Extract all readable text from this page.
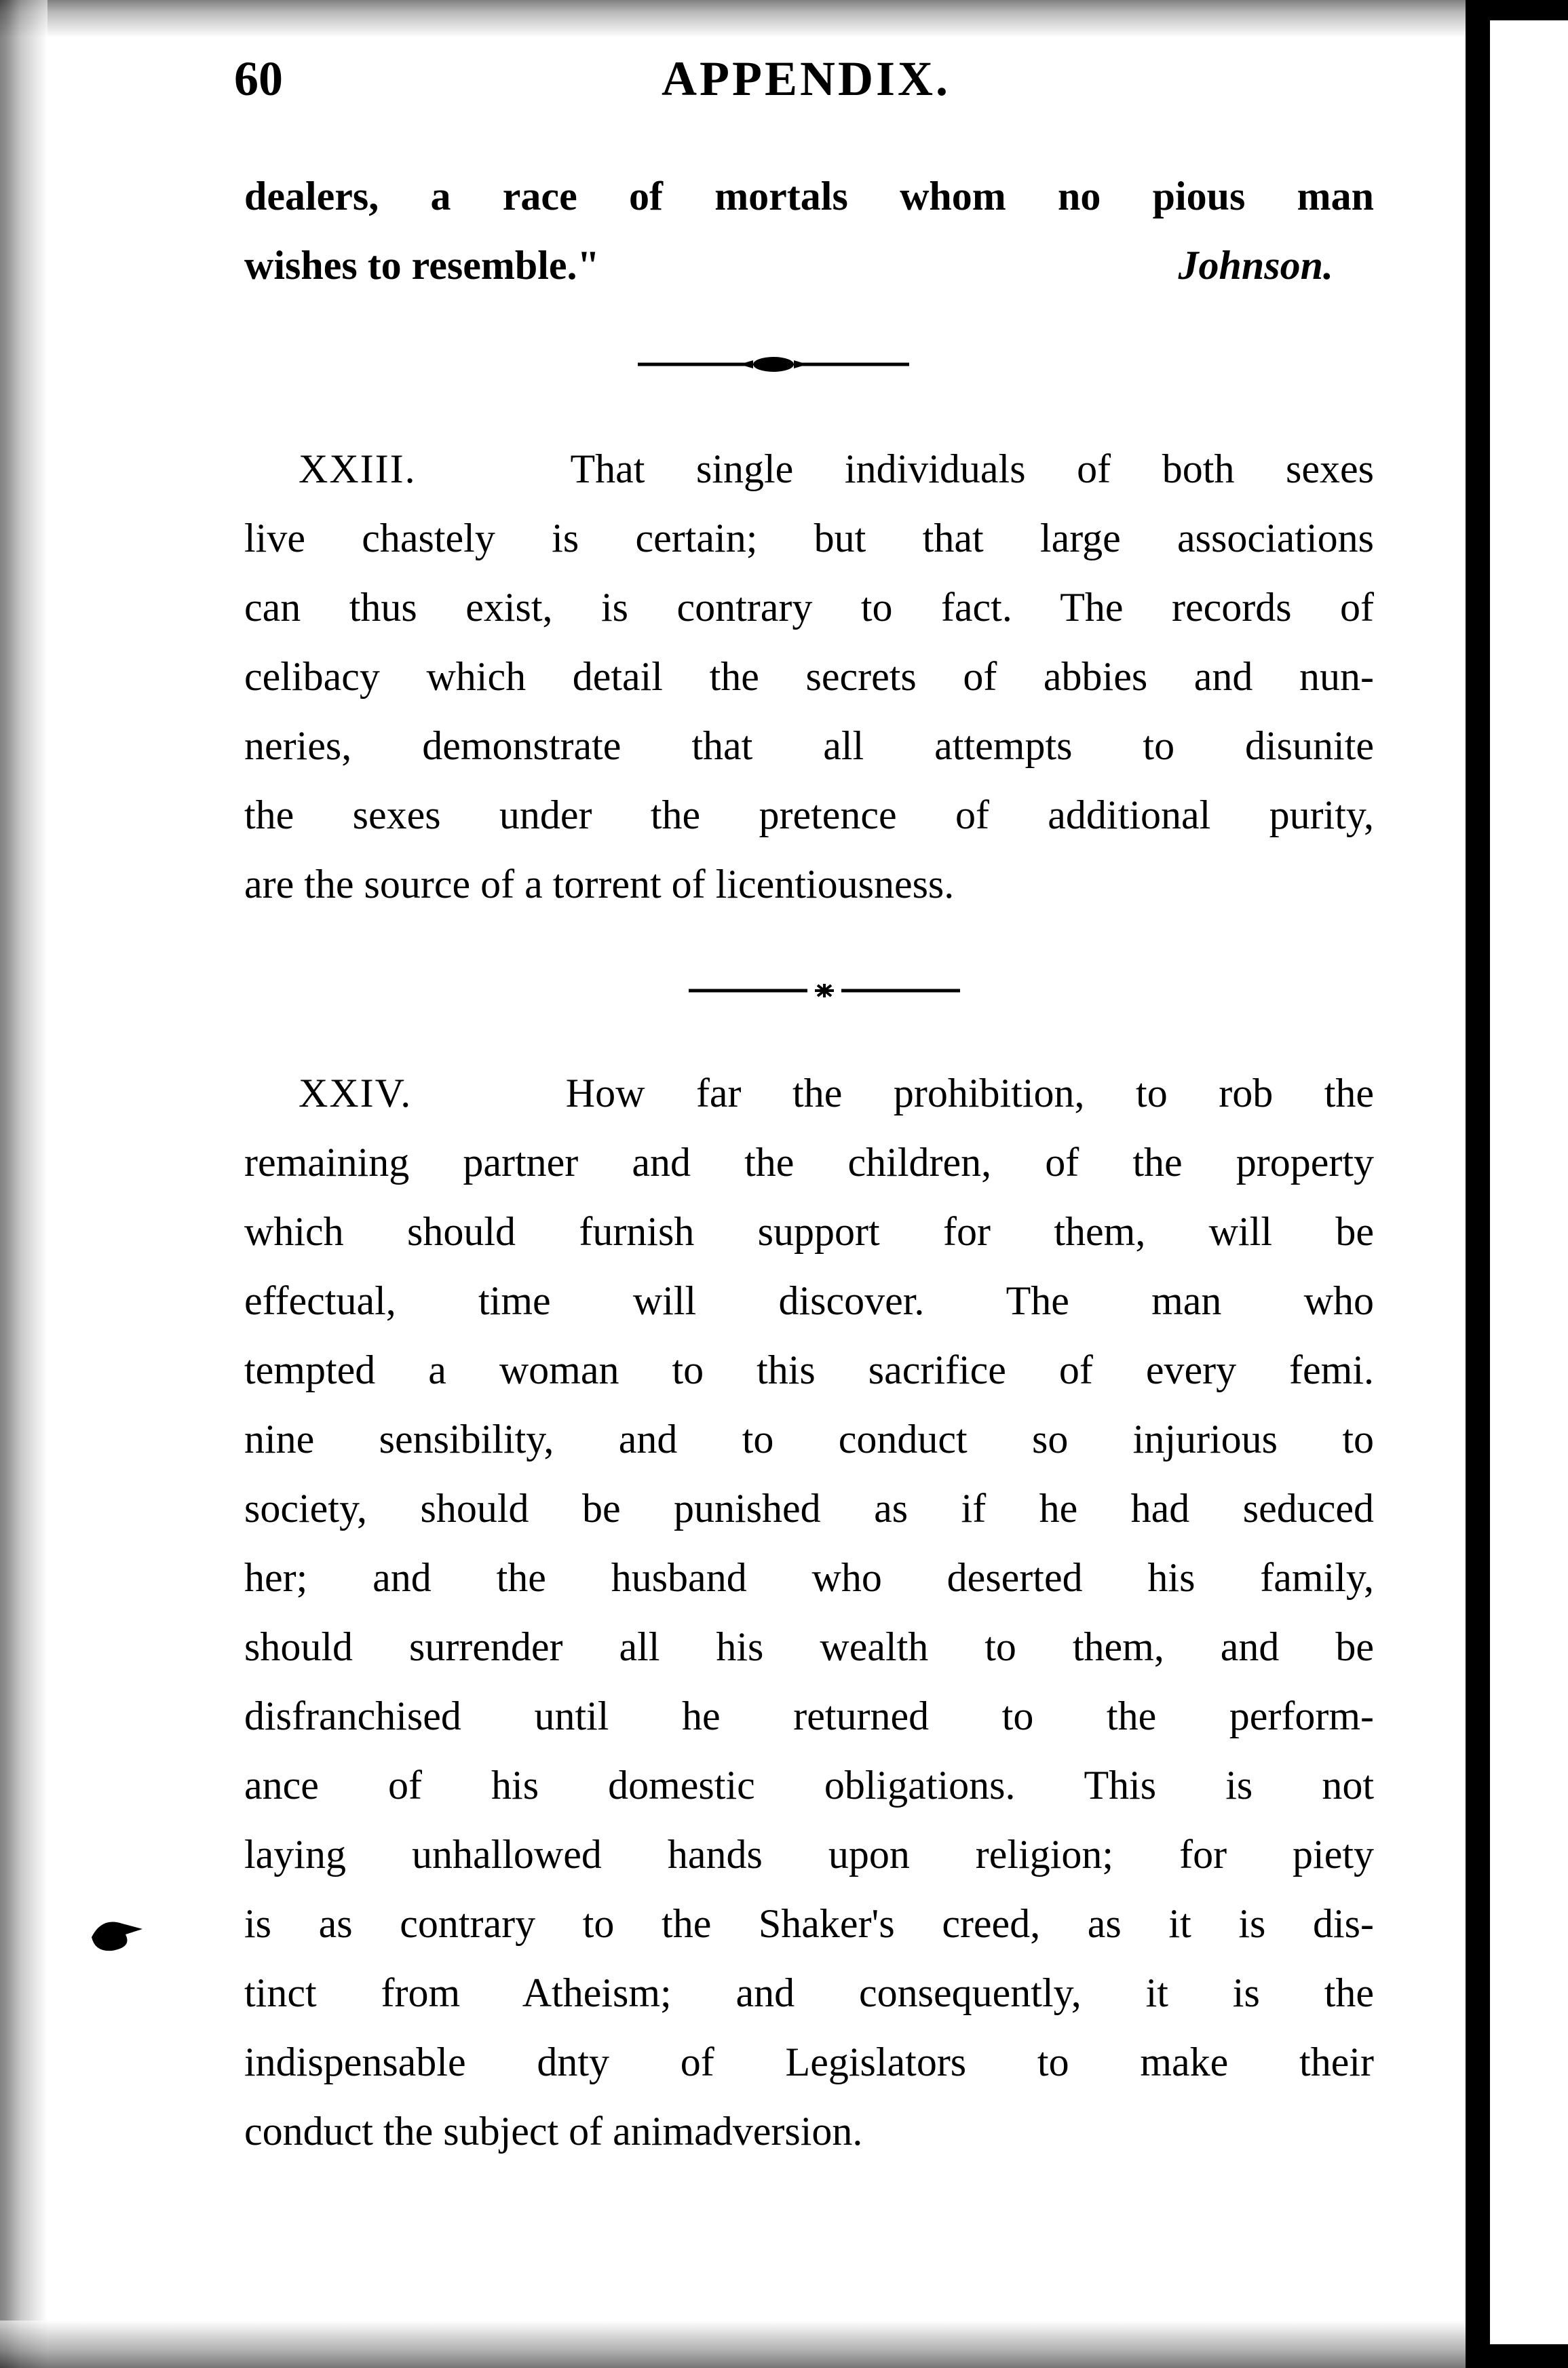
60	APPENDIX.
dealers, a race of mortals whom no pious man
wishes to resemble."	Johnson.
XXIII.	That single individuals of both sexes
live chastely is certain; but that large associations
can thus exist, is contrary to fact. The records of
celibacy which detail the secrets of abbies and nun-
neries, demonstrate that all attempts to disunite
the sexes under the pretence of additional purity,
are the source of a torrent of licentiousness.
XXIV.	How far the prohibition, to rob the
remaining partner and the children, of the property
which should furnish support for them, will be
effectual, time will discover. The man who
tempted a woman to this sacrifice of every femi.
nine sensibility, and to conduct so injurious to
society, should be punished as if he had seduced
her; and the husband who deserted his family,
should surrender all his wealth to them, and be
disfranchised until he returned to the perform-
ance of his domestic obligations. This is not
laying unhallowed hands upon religion; for piety
is as contrary to the Shaker's creed, as it is dis-
tinct from Atheism; and consequently, it is the
indispensable dnty of Legislators to make their
conduct the subject of animadversion.
